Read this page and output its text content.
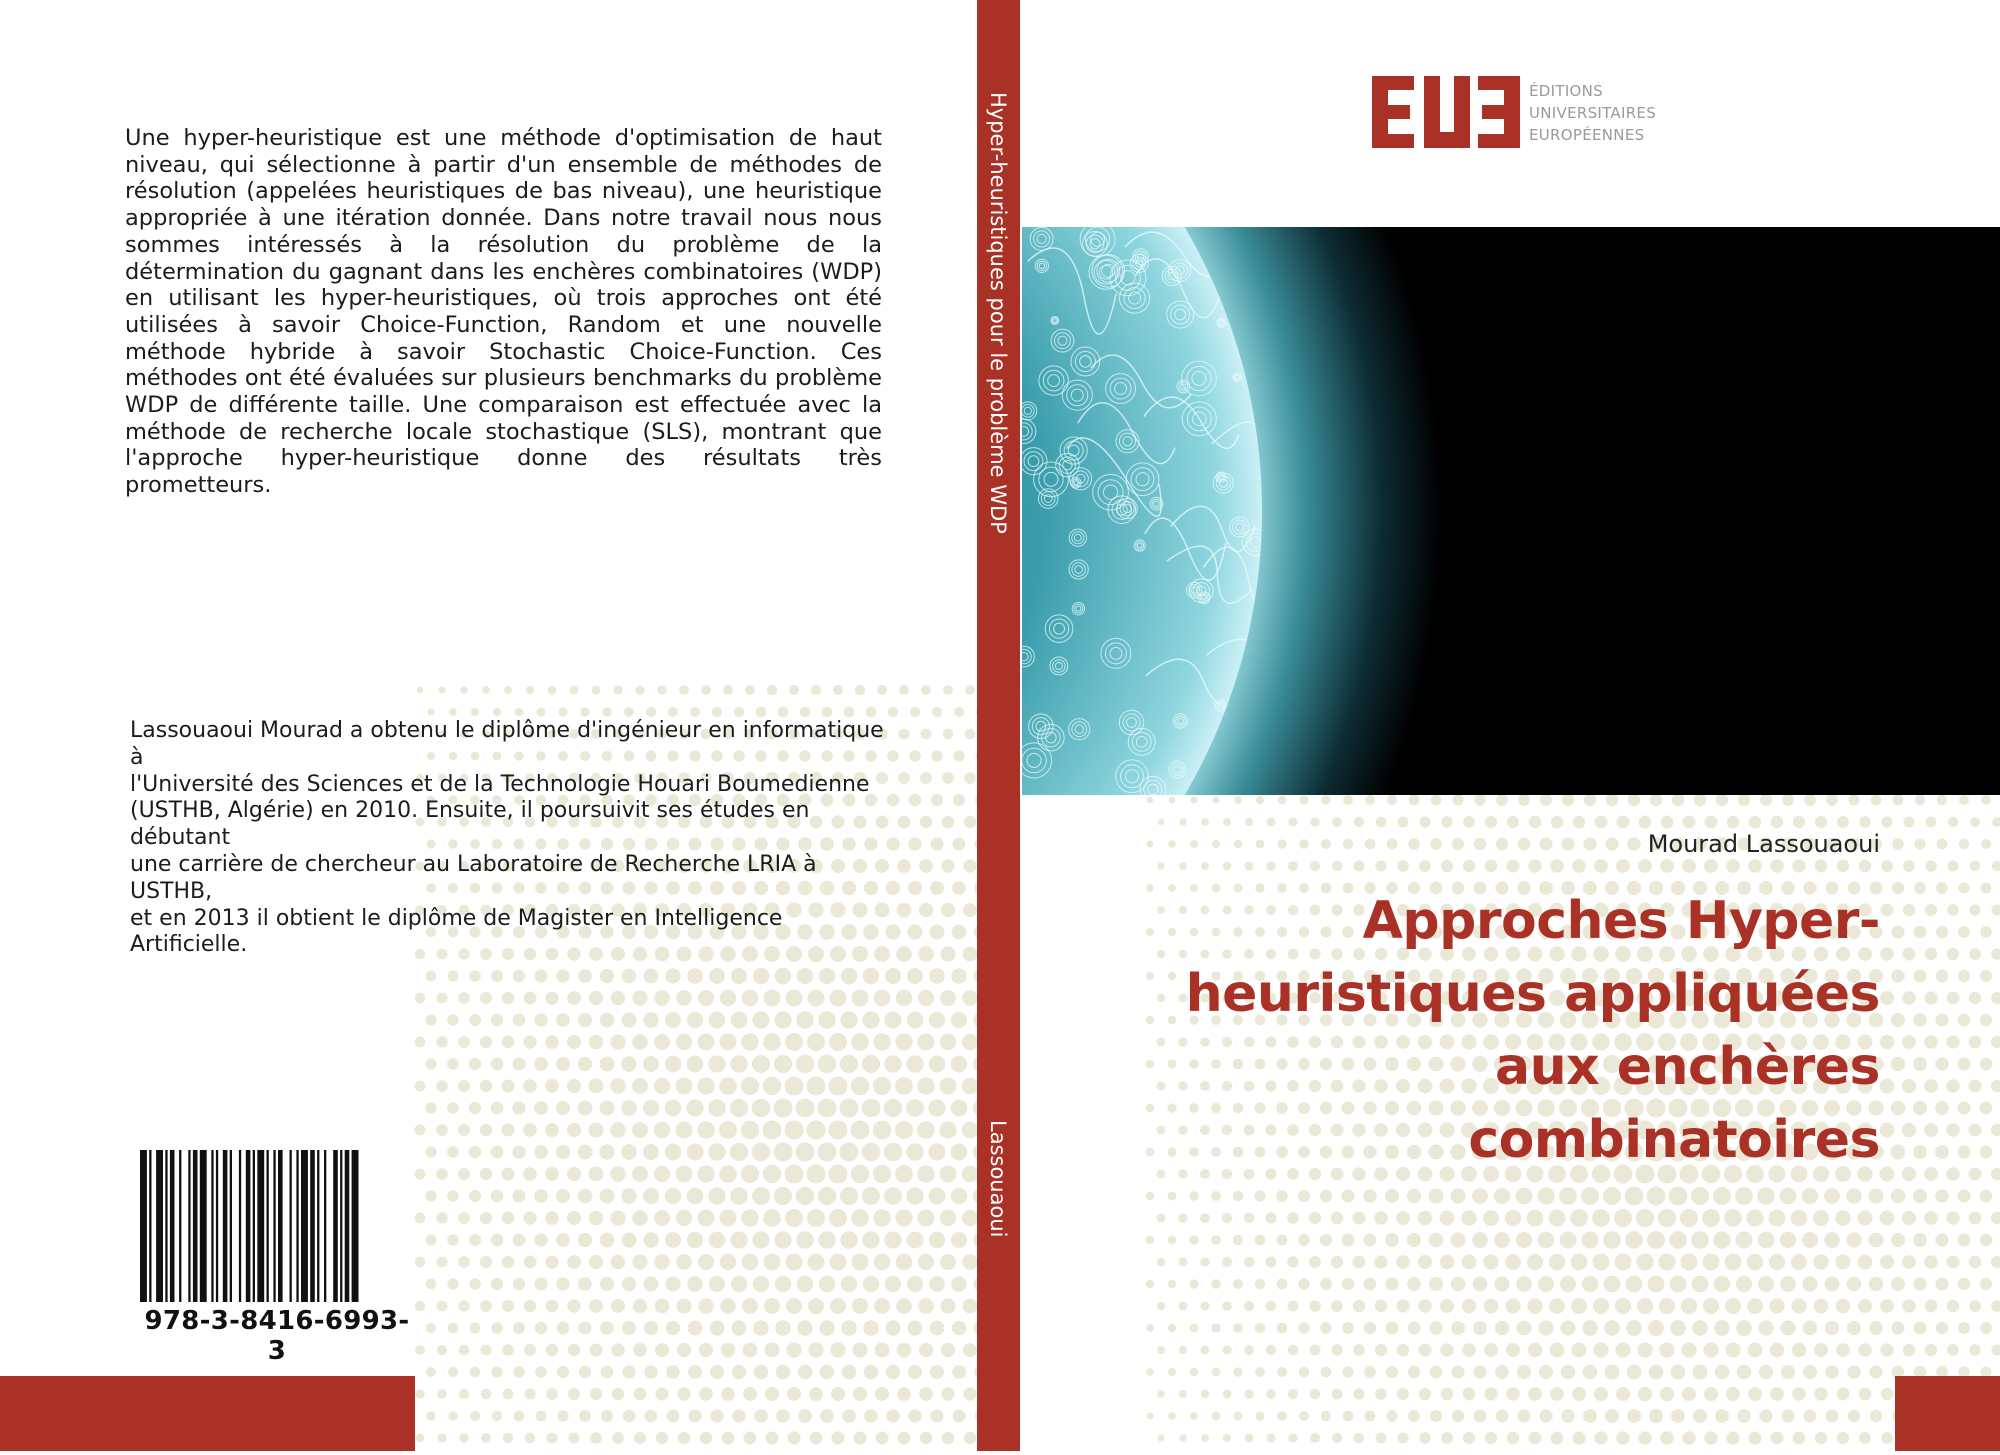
Une hyper-heuristique est une méthode d'optimisation de haut niveau, qui sélectionne à partir d'un ensemble de méthodes de résolution (appelées heuristiques de bas niveau), une heuristique appropriée à une itération donnée. Dans notre travail nous nous sommes intéressés à la résolution du problème de la détermination du gagnant dans les enchères combinatoires (WDP) en utilisant les hyper-heuristiques, où trois approches ont été utilisées à savoir Choice-Function, Random et une nouvelle méthode hybride à savoir Stochastic Choice-Function. Ces méthodes ont été évaluées sur plusieurs benchmarks du problème WDP de différente taille. Une comparaison est effectuée avec la méthode de recherche locale stochastique (SLS), montrant que l'approche hyper-heuristique donne des résultats très prometteurs.
Lassouaoui Mourad a obtenu le diplôme d'ingénieur en informatique à
l'Université des Sciences et de la Technologie Houari Boumedienne
(USTHB, Algérie) en 2010. Ensuite, il poursuivit ses études en débutant
une carrière de chercheur au Laboratoire de Recherche LRIA à USTHB,
et en 2013 il obtient le diplôme de Magister en Intelligence Artificielle.
978-3-8416-6993-3
Hyper-heuristiques pour le problème WDP
Lassouaoui
ÉDITIONS
UNIVERSITAIRES
EUROPÉENNES
Mourad Lassouaoui
Approches Hyper-
heuristiques appliquées
aux enchères
combinatoires
